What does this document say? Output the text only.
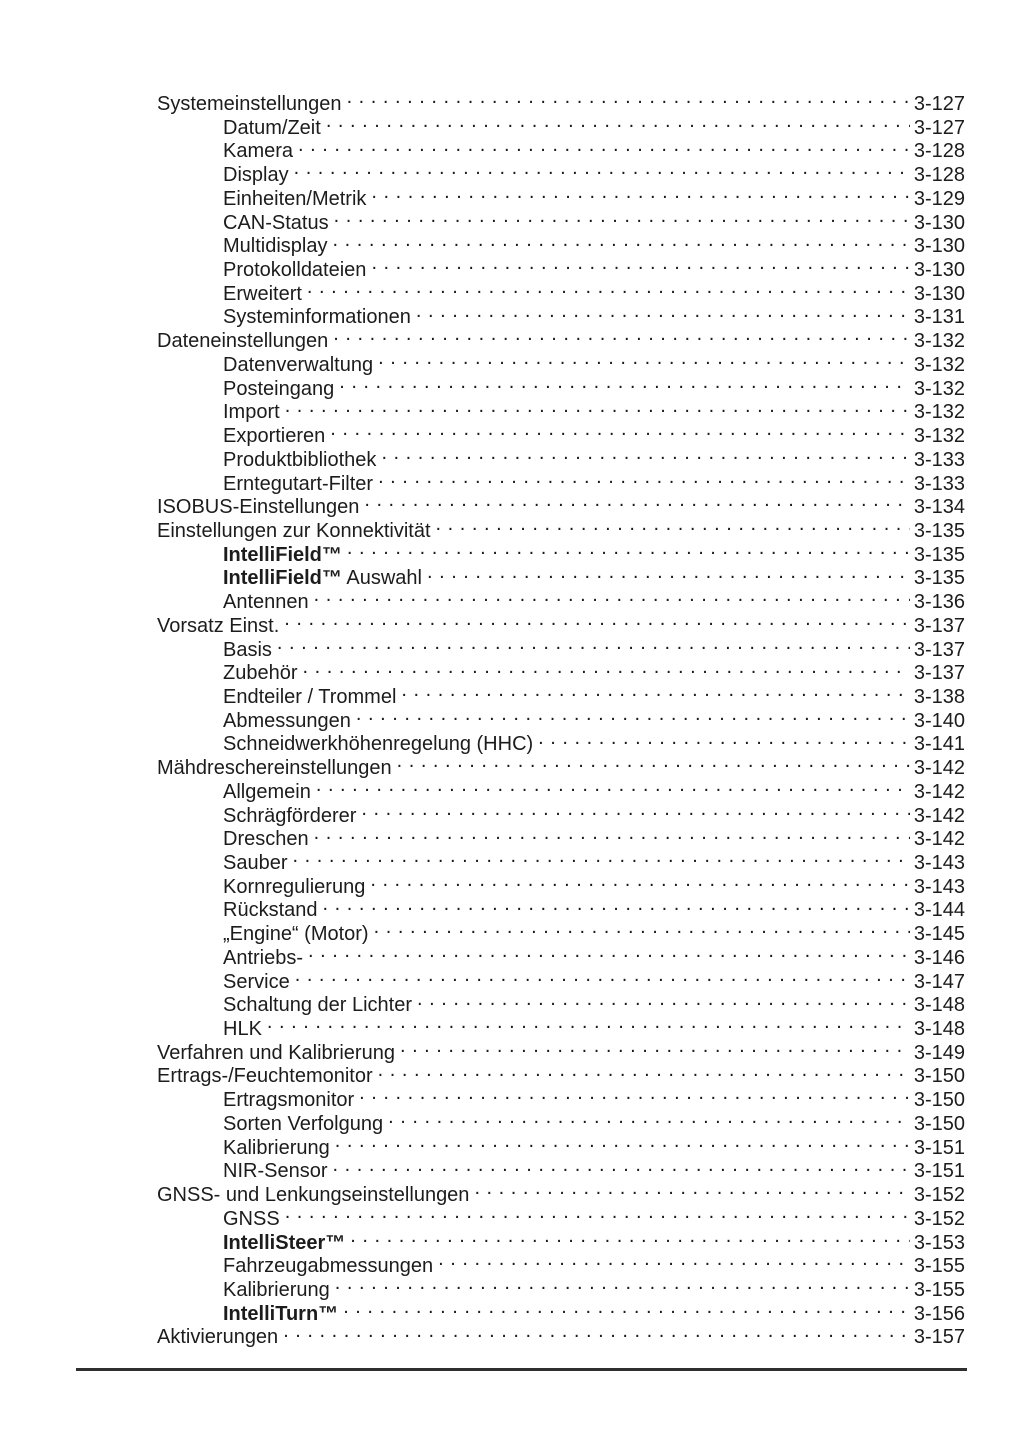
Systemeinstellungen	3-127
Datum/Zeit	3-127
Kamera	3-128
Display	3-128
Einheiten/Metrik	3-129
CAN-Status	3-130
Multidisplay	3-130
Protokolldateien	3-130
Erweitert	3-130
Systeminformationen	3-131
Dateneinstellungen	3-132
Datenverwaltung	3-132
Posteingang	3-132
Import	3-132
Exportieren	3-132
Produktbibliothek	3-133
Erntegutart-Filter	3-133
ISOBUS-Einstellungen	3-134
Einstellungen zur Konnektivität	3-135
IntelliField™	3-135
IntelliField™ Auswahl	3-135
Antennen	3-136
Vorsatz Einst.	3-137
Basis	3-137
Zubehör	3-137
Endteiler / Trommel	3-138
Abmessungen	3-140
Schneidwerkhöhenregelung (HHC)	3-141
Mähdreschereinstellungen	3-142
Allgemein	3-142
Schrägförderer	3-142
Dreschen	3-142
Sauber	3-143
Kornregulierung	3-143
Rückstand	3-144
„Engine“ (Motor)	3-145
Antriebs-	3-146
Service	3-147
Schaltung der Lichter	3-148
HLK	3-148
Verfahren und Kalibrierung	3-149
Ertrags-/Feuchtemonitor	3-150
Ertragsmonitor	3-150
Sorten Verfolgung	3-150
Kalibrierung	3-151
NIR-Sensor	3-151
GNSS- und Lenkungseinstellungen	3-152
GNSS	3-152
IntelliSteer™	3-153
Fahrzeugabmessungen	3-155
Kalibrierung	3-155
IntelliTurn™	3-156
Aktivierungen	3-157
